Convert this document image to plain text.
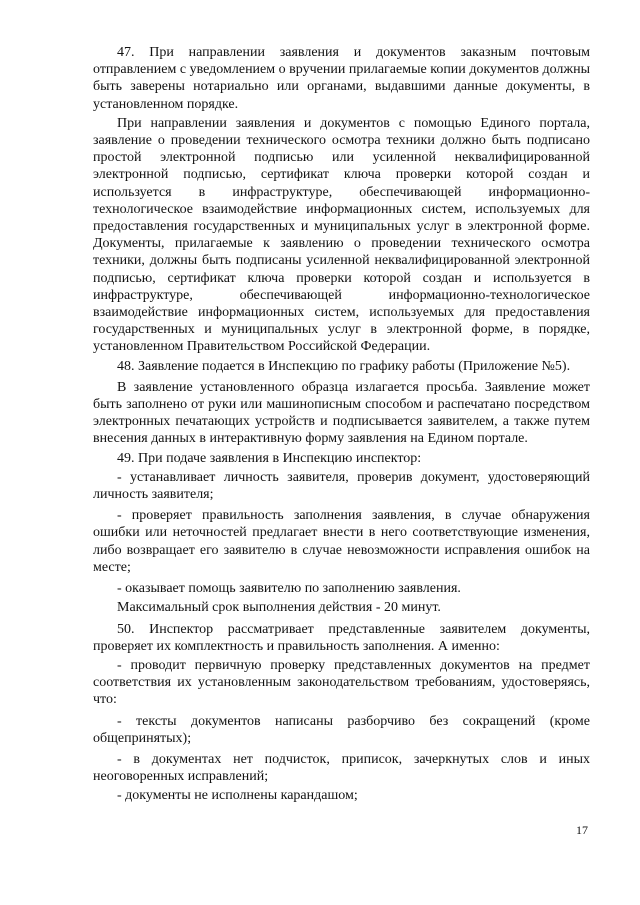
47. При направлении заявления и документов заказным почтовым отправлением с уведомлением о вручении прилагаемые копии документов должны быть заверены нотариально или органами, выдавшими данные документы, в установленном порядке.

При направлении заявления и документов с помощью Единого портала, заявление о проведении технического осмотра техники должно быть подписано простой электронной подписью или усиленной неквалифицированной электронной подписью, сертификат ключа проверки которой создан и используется в инфраструктуре, обеспечивающей информационно-технологическое взаимодействие информационных систем, используемых для предоставления государственных и муниципальных услуг в электронной форме. Документы, прилагаемые к заявлению о проведении технического осмотра техники, должны быть подписаны усиленной неквалифицированной электронной подписью, сертификат ключа проверки которой создан и используется в инфраструктуре, обеспечивающей информационно-технологическое взаимодействие информационных систем, используемых для предоставления государственных и муниципальных услуг в электронной форме, в порядке, установленном Правительством Российской Федерации.

48. Заявление подается в Инспекцию по графику работы (Приложение №5).

В заявление установленного образца излагается просьба. Заявление может быть заполнено от руки или машинописным способом и распечатано посредством электронных печатающих устройств и подписывается заявителем, а также путем внесения данных в интерактивную форму заявления на Едином портале.

49. При подаче заявления в Инспекцию инспектор:

- устанавливает личность заявителя, проверив документ, удостоверяющий личность заявителя;

- проверяет правильность заполнения заявления, в случае обнаружения ошибки или неточностей предлагает внести в него соответствующие изменения, либо возвращает его заявителю в случае невозможности исправления ошибок на месте;

- оказывает помощь заявителю по заполнению заявления.

Максимальный срок выполнения действия - 20 минут.

50. Инспектор рассматривает представленные заявителем документы, проверяет их комплектность и правильность заполнения. А именно:

- проводит первичную проверку представленных документов на предмет соответствия их установленным законодательством требованиям, удостоверяясь, что:

- тексты документов написаны разборчиво без сокращений (кроме общепринятых);

- в документах нет подчисток, приписок, зачеркнутых слов и иных неоговоренных исправлений;

- документы не исполнены карандашом;

17
